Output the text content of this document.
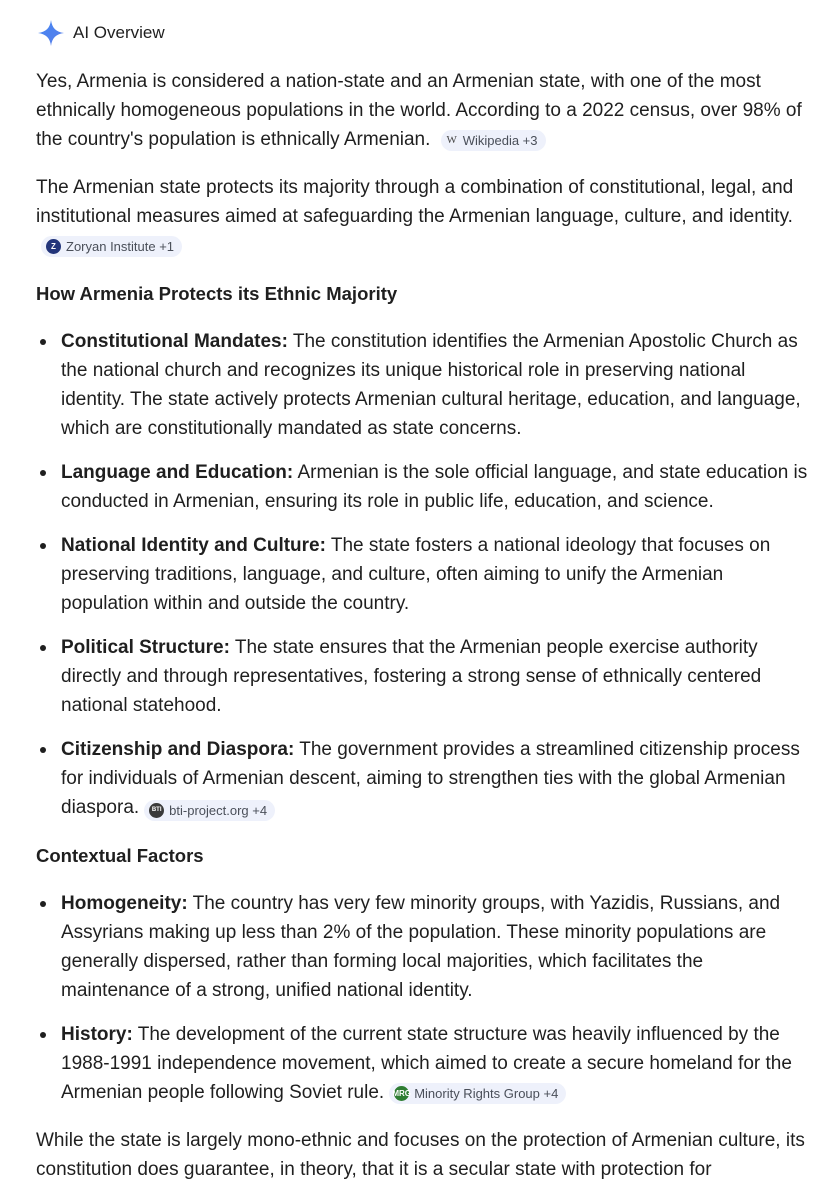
AI Overview

Yes, Armenia is considered a nation-state and an Armenian state, with one of the most ethnically homogeneous populations in the world. According to a 2022 census, over 98% of the country's population is ethnically Armenian. W Wikipedia +3

The Armenian state protects its majority through a combination of constitutional, legal, and institutional measures aimed at safeguarding the Armenian language, culture, and identity.
Z Zoryan Institute +1

How Armenia Protects its Ethnic Majority
Constitutional Mandates: The constitution identifies the Armenian Apostolic Church as the national church and recognizes its unique historical role in preserving national identity. The state actively protects Armenian cultural heritage, education, and language, which are constitutionally mandated as state concerns.
Language and Education: Armenian is the sole official language, and state education is conducted in Armenian, ensuring its role in public life, education, and science.
National Identity and Culture: The state fosters a national ideology that focuses on preserving traditions, language, and culture, often aiming to unify the Armenian population within and outside the country.
Political Structure: The state ensures that the Armenian people exercise authority directly and through representatives, fostering a strong sense of ethnically centered national statehood.
Citizenship and Diaspora: The government provides a streamlined citizenship process for individuals of Armenian descent, aiming to strengthen ties with the global Armenian diaspora.	BTI bti-project.org +4
Contextual Factors
Homogeneity: The country has very few minority groups, with Yazidis, Russians, and Assyrians making up less than 2% of the population. These minority populations are generally dispersed, rather than forming local majorities, which facilitates the maintenance of a strong, unified national identity.
History: The development of the current state structure was heavily influenced by the 1988-1991 independence movement, which aimed to create a secure homeland for the Armenian people following Soviet rule. MRG Minority Rights Group +4

While the state is largely mono-ethnic and focuses on the protection of Armenian culture, its constitution does guarantee, in theory, that it is a secular state with protection for
